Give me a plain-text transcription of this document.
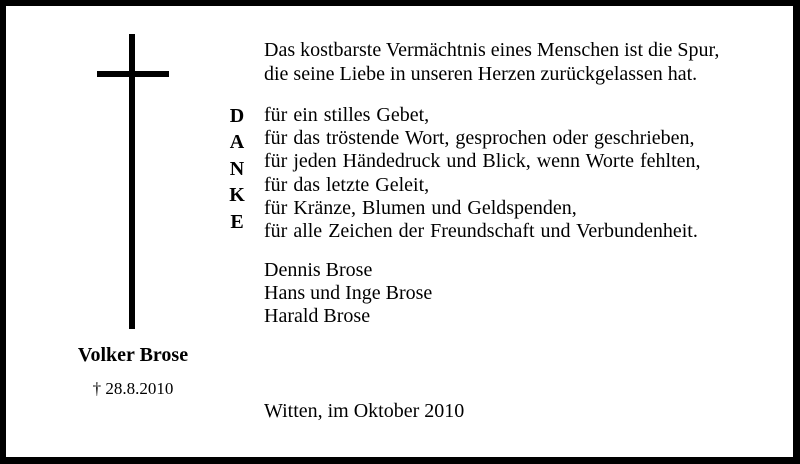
Volker Brose
† 28.8.2010
Das kostbarste Vermächtnis eines Menschen ist die Spur,
die seine Liebe in unseren Herzen zurückgelassen hat.
D
A
N
K
E
für ein stilles Gebet,
für das tröstende Wort, gesprochen oder geschrieben,
für jeden Händedruck und Blick, wenn Worte fehlten,
für das letzte Geleit,
für Kränze, Blumen und Geldspenden,
für alle Zeichen der Freundschaft und Verbundenheit.
Dennis Brose
Hans und Inge Brose
Harald Brose
Witten, im Oktober 2010
